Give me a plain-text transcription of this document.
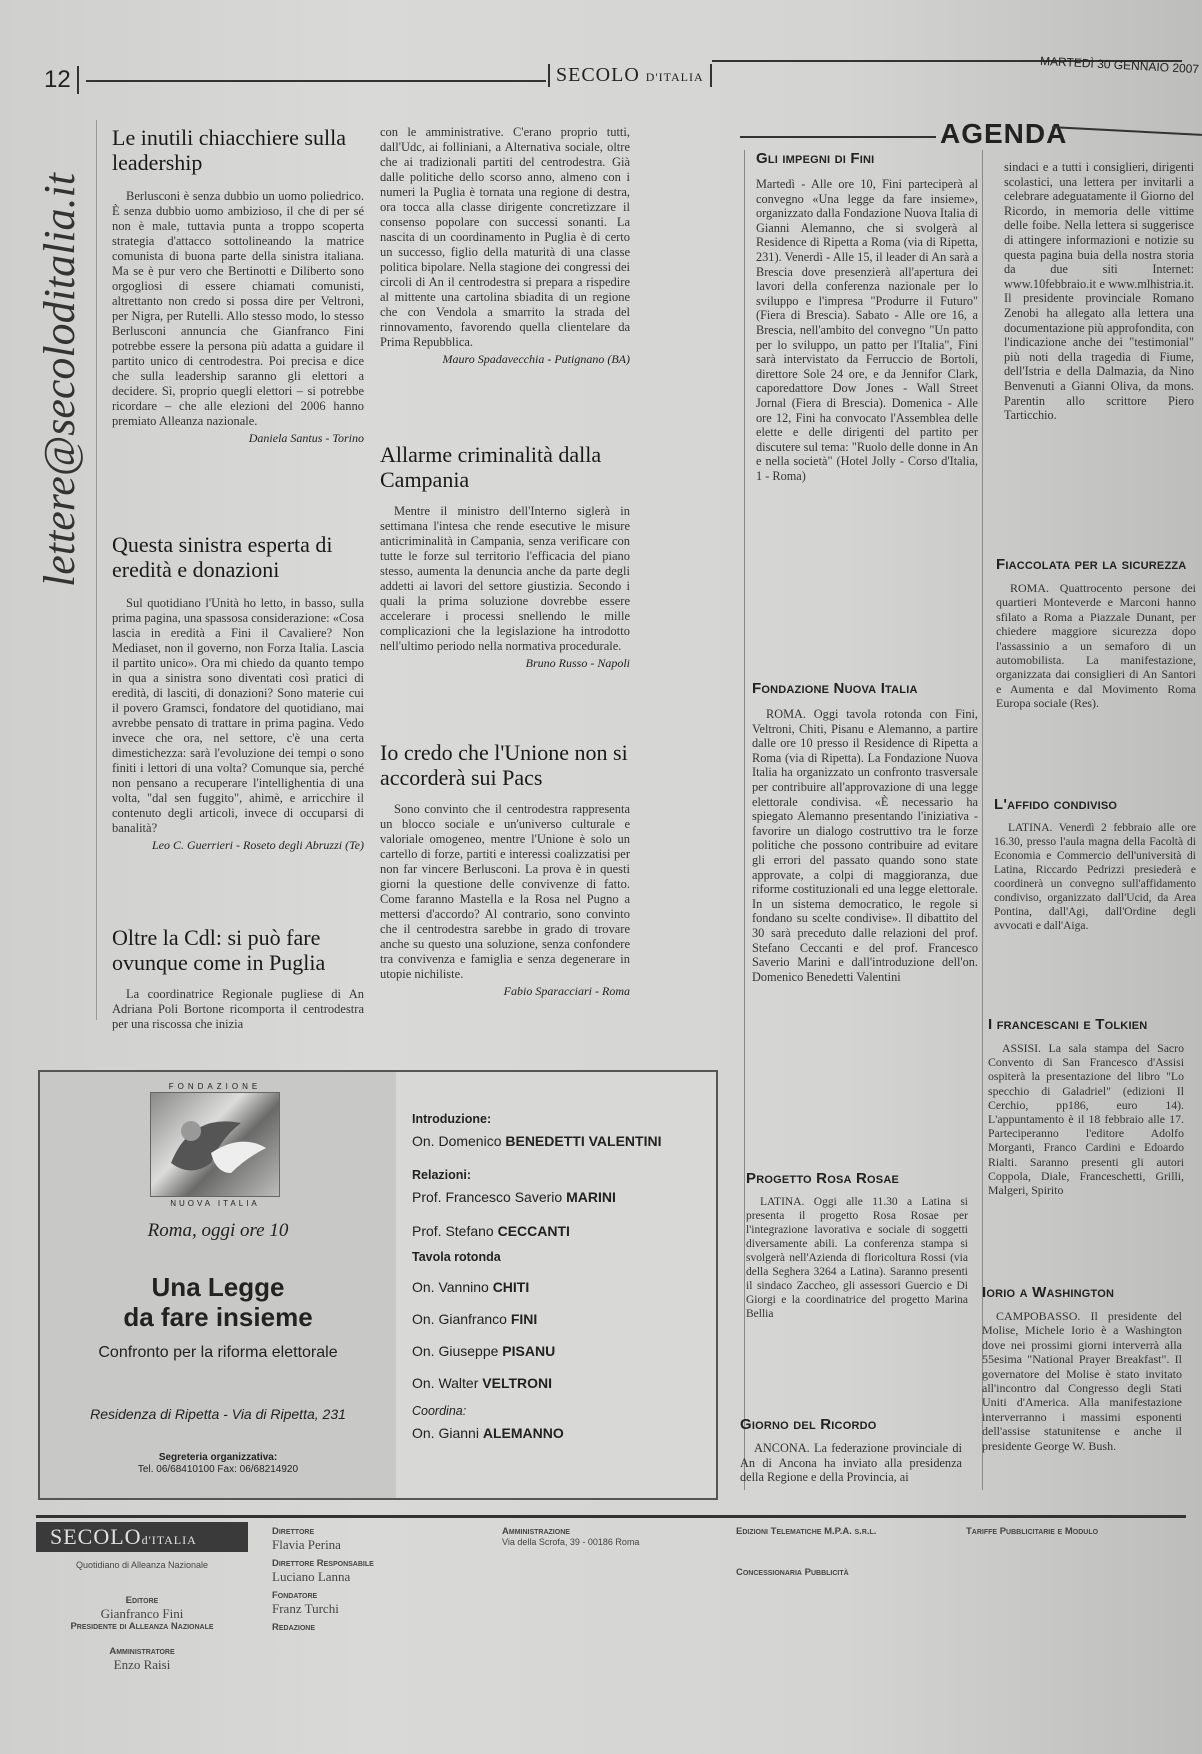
12	SECOLO D'ITALIA
MARTEDÌ 30 GENNAIO 2007
lettere@secoloditalia.it
Le inutili chiacchiere sulla leadership

Berlusconi è senza dubbio un uomo poliedrico. È senza dubbio uomo ambizioso, il che di per sé non è male, tuttavia punta a troppo scoperta strategia d'attacco sottolineando la matrice comunista di buona parte della sinistra italiana. Ma se è pur vero che Bertinotti e Diliberto sono orgogliosi di essere chiamati comunisti, altrettanto non credo si possa dire per Veltroni, per Nigra, per Rutelli. Allo stesso modo, lo stesso Berlusconi annuncia che Gianfranco Fini potrebbe essere la persona più adatta a guidare il partito unico di centrodestra. Poi precisa e dice che sulla leadership saranno gli elettori a decidere. Sì, proprio quegli elettori – si potrebbe ricordare – che alle elezioni del 2006 hanno premiato Alleanza nazionale.

Daniela Santus - Torino
Questa sinistra esperta di eredità e donazioni

Sul quotidiano l'Unità ho letto, in basso, sulla prima pagina, una spassosa considerazione: «Cosa lascia in eredità a Fini il Cavaliere? Non Mediaset, non il governo, non Forza Italia. Lascia il partito unico». Ora mi chiedo da quanto tempo in qua a sinistra sono diventati così pratici di eredità, di lasciti, di donazioni? Sono materie cui il povero Gramsci, fondatore del quotidiano, mai avrebbe pensato di trattare in prima pagina. Vedo invece che ora, nel settore, c'è una certa dimestichezza: sarà l'evoluzione dei tempi o sono finiti i lettori di una volta? Comunque sia, perché non pensano a recuperare l'intellighentia di una volta, "dal sen fuggito", ahimè, e arricchire il contenuto degli articoli, invece di occuparsi di banalità?

Leo C. Guerrieri - Roseto degli Abruzzi (Te)
Oltre la Cdl: si può fare ovunque come in Puglia

La coordinatrice Regionale pugliese di An Adriana Poli Bortone ricomporta il centrodestra per una riscossa che inizia

con le amministrative. C'erano proprio tutti, dall'Udc, ai folliniani, a Alternativa sociale, oltre che ai tradizionali partiti del centrodestra. Già dalle politiche dello scorso anno, almeno con i numeri la Puglia è tornata una regione di destra, ora tocca alla classe dirigente concretizzare il consenso popolare con successi sonanti. La nascita di un coordinamento in Puglia è di certo un successo, figlio della maturità di una classe politica bipolare. Nella stagione dei congressi dei circoli di An il centrodestra si prepara a rispedire al mittente una cartolina sbiadita di un regione che con Vendola a smarrito la strada del rinnovamento, favorendo quella clientelare da Prima Repubblica.

Mauro Spadavecchia - Putignano (BA)
Allarme criminalità dalla Campania

Mentre il ministro dell'Interno siglerà in settimana l'intesa che rende esecutive le misure anticriminalità in Campania, senza verificare con tutte le forze sul territorio l'efficacia del piano stesso, aumenta la denuncia anche da parte degli addetti ai lavori del settore giustizia. Secondo i quali la prima soluzione dovrebbe essere accelerare i processi snellendo le mille complicazioni che la legislazione ha introdotto nell'ultimo periodo nella normativa procedurale.

Bruno Russo - Napoli
Io credo che l'Unione non si accorderà sui Pacs

Sono convinto che il centrodestra rappresenta un blocco sociale e un'universo culturale e valoriale omogeneo, mentre l'Unione è solo un cartello di forze, partiti e interessi coalizzatisi per non far vincere Berlusconi. La prova è in questi giorni la questione delle convivenze di fatto. Come faranno Mastella e la Rosa nel Pugno a mettersi d'accordo? Al contrario, sono convinto che il centrodestra sarebbe in grado di trovare anche su questo una soluzione, senza confondere tra convivenza e famiglia e senza degenerare in utopie nichiliste.

Fabio Sparacciari - Roma
AGENDA
Gli impegni di Fini

Martedì - Alle ore 10, Fini parteciperà al convegno «Una legge da fare insieme», organizzato dalla Fondazione Nuova Italia di Gianni Alemanno, che si svolgerà al Residence di Ripetta a Roma (via di Ripetta, 231). Venerdì - Alle 15, il leader di An sarà a Brescia dove presenzierà all'apertura dei lavori della conferenza nazionale per lo sviluppo e l'impresa "Produrre il Futuro" (Fiera di Brescia). Sabato - Alle ore 16, a Brescia, nell'ambito del convegno "Un patto per lo sviluppo, un patto per l'Italia", Fini sarà intervistato da Ferruccio de Bortoli, direttore Sole 24 ore, e da Jennifor Clark, caporedattore Dow Jones - Wall Street Jornal (Fiera di Brescia). Domenica - Alle ore 12, Fini ha convocato l'Assemblea delle elette e delle dirigenti del partito per discutere sul tema: "Ruolo delle donne in An e nella società" (Hotel Jolly - Corso d'Italia, 1 - Roma)

Fondazione Nuova Italia

ROMA. Oggi tavola rotonda con Fini, Veltroni, Chiti, Pisanu e Alemanno, a partire dalle ore 10 presso il Residence di Ripetta a Roma (via di Ripetta). La Fondazione Nuova Italia ha organizzato un confronto trasversale per contribuire all'approvazione di una legge elettorale condivisa. «È necessario ha spiegato Alemanno presentando l'iniziativa - favorire un dialogo costruttivo tra le forze politiche che possono contribuire ad evitare gli errori del passato quando sono state approvate, a colpi di maggioranza, due riforme costituzionali ed una legge elettorale. In un sistema democratico, le regole si fondano su scelte condivise». Il dibattito del 30 sarà preceduto dalle relazioni del prof. Stefano Ceccanti e del prof. Francesco Saverio Marini e dall'introduzione dell'on. Domenico Benedetti Valentini

Progetto Rosa Rosae

LATINA. Oggi alle 11.30 a Latina si presenta il progetto Rosa Rosae per l'integrazione lavorativa e sociale di soggetti diversamente abili. La conferenza stampa si svolgerà nell'Azienda di floricoltura Rossi (via della Seghera 3264 a Latina). Saranno presenti il sindaco Zaccheo, gli assessori Guercio e Di Giorgi e la coordinatrice del progetto Marina Bellia

Giorno del Ricordo

ANCONA. La federazione provinciale di An di Ancona ha inviato alla presidenza della Regione e della Provincia, ai

sindaci e a tutti i consiglieri, dirigenti scolastici, una lettera per invitarli a celebrare adeguatamente il Giorno del Ricordo, in memoria delle vittime delle foibe. Nella lettera si suggerisce di attingere informazioni e notizie su questa pagina buia della nostra storia da due siti Internet: www.10febbraio.it e www.mlhistria.it. Il presidente provinciale Romano Zenobi ha allegato alla lettera una documentazione più approfondita, con l'indicazione anche dei "testimonial" più noti della tragedia di Fiume, dell'Istria e della Dalmazia, da Nino Benvenuti a Gianni Oliva, da mons. Parentin allo scrittore Piero Tarticchio.

Fiaccolata per la sicurezza

ROMA. Quattrocento persone dei quartieri Monteverde e Marconi hanno sfilato a Roma a Piazzale Dunant, per chiedere maggiore sicurezza dopo l'assassinio a un semaforo di un automobilista. La manifestazione, organizzata dai consiglieri di An Santori e Aumenta e dal Movimento Roma Europa sociale (Res).

L'affido condiviso

LATINA. Venerdì 2 febbraio alle ore 16.30, presso l'aula magna della Facoltà di Economia e Commercio dell'università di Latina, Riccardo Pedrizzi presiederà e coordinerà un convegno sull'affidamento condiviso, organizzato dall'Ucid, da Area Pontina, dall'Agi, dall'Ordine degli avvocati e dall'Aiga.

I francescani e Tolkien

ASSISI. La sala stampa del Sacro Convento di San Francesco d'Assisi ospiterà la presentazione del libro "Lo specchio di Galadriel" (edizioni Il Cerchio, pp186, euro 14). L'appuntamento è il 18 febbraio alle 17. Parteciperanno l'editore Adolfo Morganti, Franco Cardini e Edoardo Rialti. Saranno presenti gli autori Coppola, Diale, Franceschetti, Grilli, Malgeri, Spirito

Iorio a Washington

CAMPOBASSO. Il presidente del Molise, Michele Iorio è a Washington dove nei prossimi giorni interverrà alla 55esima "National Prayer Breakfast". Il governatore del Molise è stato invitato all'incontro dal Congresso degli Stati Uniti d'America. Alla manifestazione interverranno i massimi esponenti dell'assise statunitense e anche il presidente George W. Bush.

FONDAZIONE
NUOVA ITALIA
Roma, oggi ore 10
Una Legge
da fare insieme
Confronto per la riforma elettorale
Residenza di Ripetta - Via di Ripetta, 231
Segreteria organizzativa:
Tel. 06/68410100 Fax: 06/68214920
Introduzione:
On. Domenico BENEDETTI VALENTINI
Relazioni:
Prof. Francesco Saverio MARINI
Prof. Stefano CECCANTI
Tavola rotonda
On. Vannino CHITI
On. Gianfranco FINI
On. Giuseppe PISANU
On. Walter VELTRONI
Coordina:
On. Gianni ALEMANNO
SECOLOd'ITALIA
Quotidiano di Alleanza Nazionale
Editore
Gianfranco Fini
Presidente di Alleanza Nazionale
Amministratore
Enzo Raisi
Direttore
Flavia Perina
Direttore Responsabile
Luciano Lanna
Fondatore
Franz Turchi
Redazione
Amministrazione
Via della Scrofa, 39 - 00186 Roma
Edizioni Telematiche M.P.A. s.r.l.
Concessionaria Pubblicità
Tariffe Pubblicitarie e Modulo
